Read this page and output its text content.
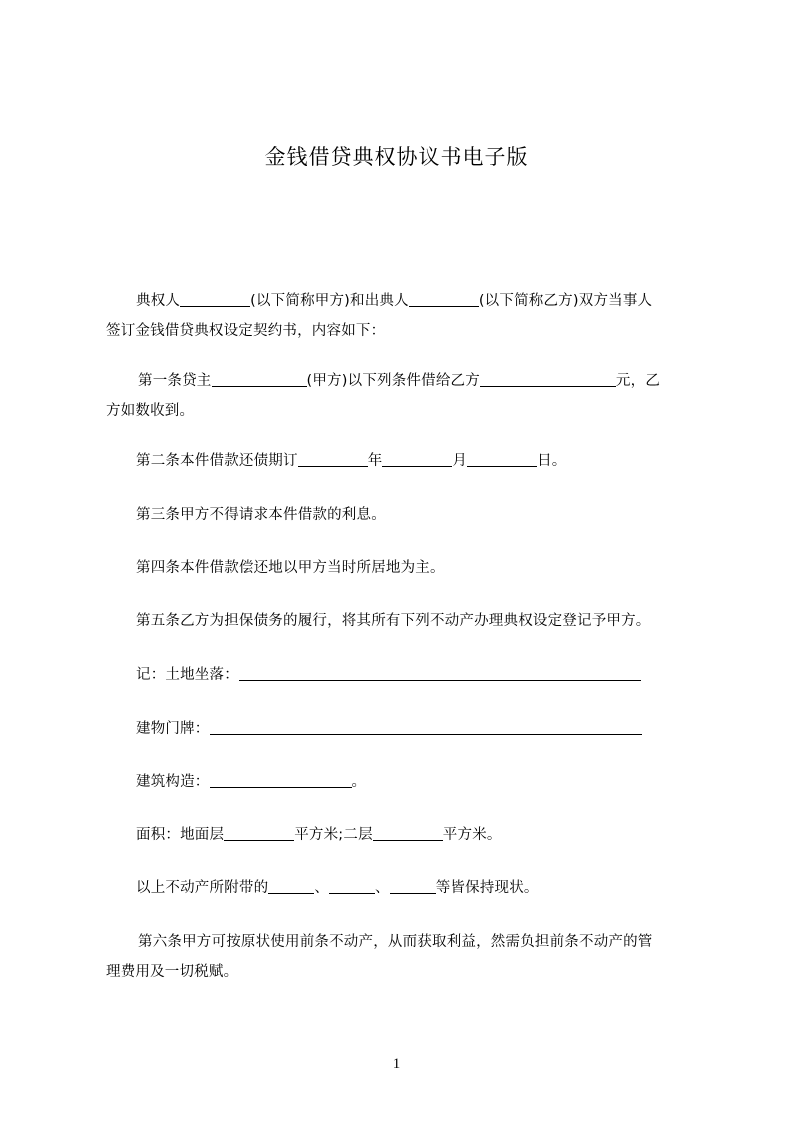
金钱借贷典权协议书电子版
典权人	(以下简称甲方)和出典人	(以下简称乙方)双方当事人
签订金钱借贷典权设定契约书，内容如下：
第一条贷主	(甲方)以下列条件借给乙方	元，乙
方如数收到。
第二条本件借款还债期订	年	月	日。
第三条甲方不得请求本件借款的利息。
第四条本件借款偿还地以甲方当时所居地为主。
第五条乙方为担保债务的履行，将其所有下列不动产办理典权设定登记予甲方。
记：土地坐落：
建物门牌：
建筑构造：	。
面积：地面层	平方米;二层	平方米。
以上不动产所附带的	、	、	等皆保持现状。
第六条甲方可按原状使用前条不动产，从而获取利益，然需负担前条不动产的管
理费用及一切税赋。
1
